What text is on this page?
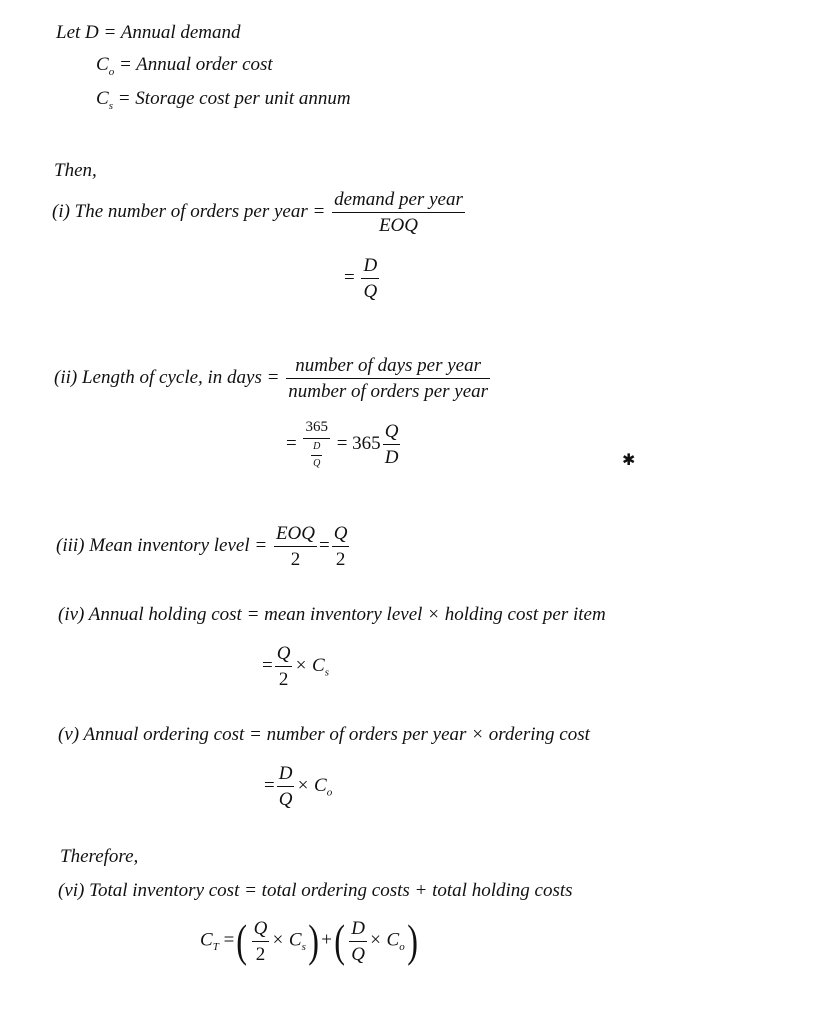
Let D = Annual demand
$C_o$ = Annual order cost
$C_s$ = Storage cost per unit annum
Then,
(i) The number of orders per year = $\frac{\text{demand per year}}{\text{EOQ}}$
= $\frac{D}{Q}$
(ii) Length of cycle, in days = $\frac{\text{number of days per year}}{\text{number of orders per year}}$
= $\frac{365}{\frac{D}{Q}} = 365 \frac{Q}{D}$	✱
(iii) Mean inventory level = $\frac{\text{EOQ}}{2} = \frac{Q}{2}$
(iv) Annual holding cost = mean inventory level × holding cost per item
= $\frac{Q}{2} \times C_s$
(v) Annual ordering cost = number of orders per year × ordering cost
= $\frac{D}{Q} \times C_o$
Therefore,
(vi) Total inventory cost = total ordering costs + total holding costs
$C_T$ =( $\frac{Q}{2} \times C_s$) +( $\frac{D}{Q} \times C_o$)
